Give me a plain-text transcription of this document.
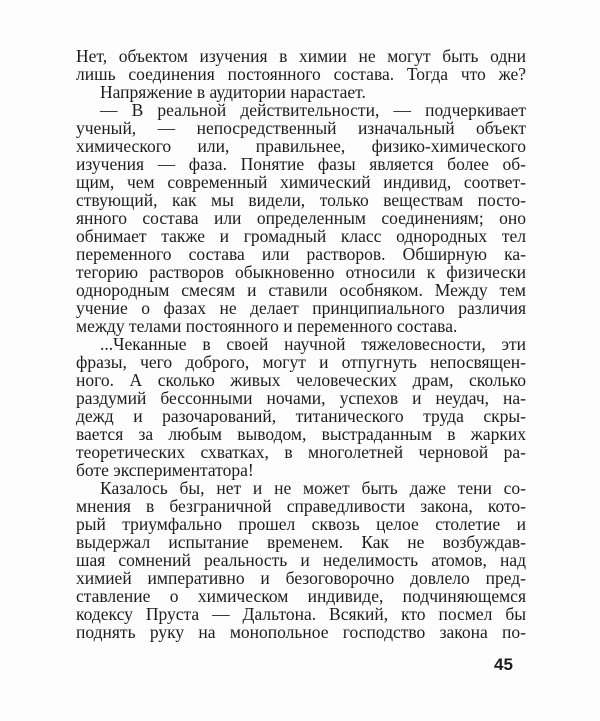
Нет, объектом изучения в химии не могут быть одни
лишь соединения постоянного состава. Тогда что же?
Напряжение в аудитории нарастает.
— В реальной действительности, — подчеркивает
ученый, — непосредственный изначальный объект
химического или, правильнее, физико-химического
изучения — фаза. Понятие фазы является более об-
щим, чем современный химический индивид, соответ-
ствующий, как мы видели, только веществам посто-
янного состава или определенным соединениям; оно
обнимает также и громадный класс однородных тел
переменного состава или растворов. Обширную ка-
тегорию растворов обыкновенно относили к физически
однородным смесям и ставили особняком. Между тем
учение о фазах не делает принципиального различия
между телами постоянного и переменного состава.
...Чеканные в своей научной тяжеловесности, эти
фразы, чего доброго, могут и отпугнуть непосвящен-
ного. А сколько живых человеческих драм, сколько
раздумий бессонными ночами, успехов и неудач, на-
дежд и разочарований, титанического труда скры-
вается за любым выводом, выстраданным в жарких
теоретических схватках, в многолетней черновой ра-
боте экспериментатора!
Казалось бы, нет и не может быть даже тени со-
мнения в безграничной справедливости закона, кото-
рый триумфально прошел сквозь целое столетие и
выдержал испытание временем. Как не возбуждав-
шая сомнений реальность и неделимость атомов, над
химией императивно и безоговорочно довлело пред-
ставление о химическом индивиде, подчиняющемся
кодексу Пруста — Дальтона. Всякий, кто посмел бы
поднять руку на монопольное господство закона по-
45
